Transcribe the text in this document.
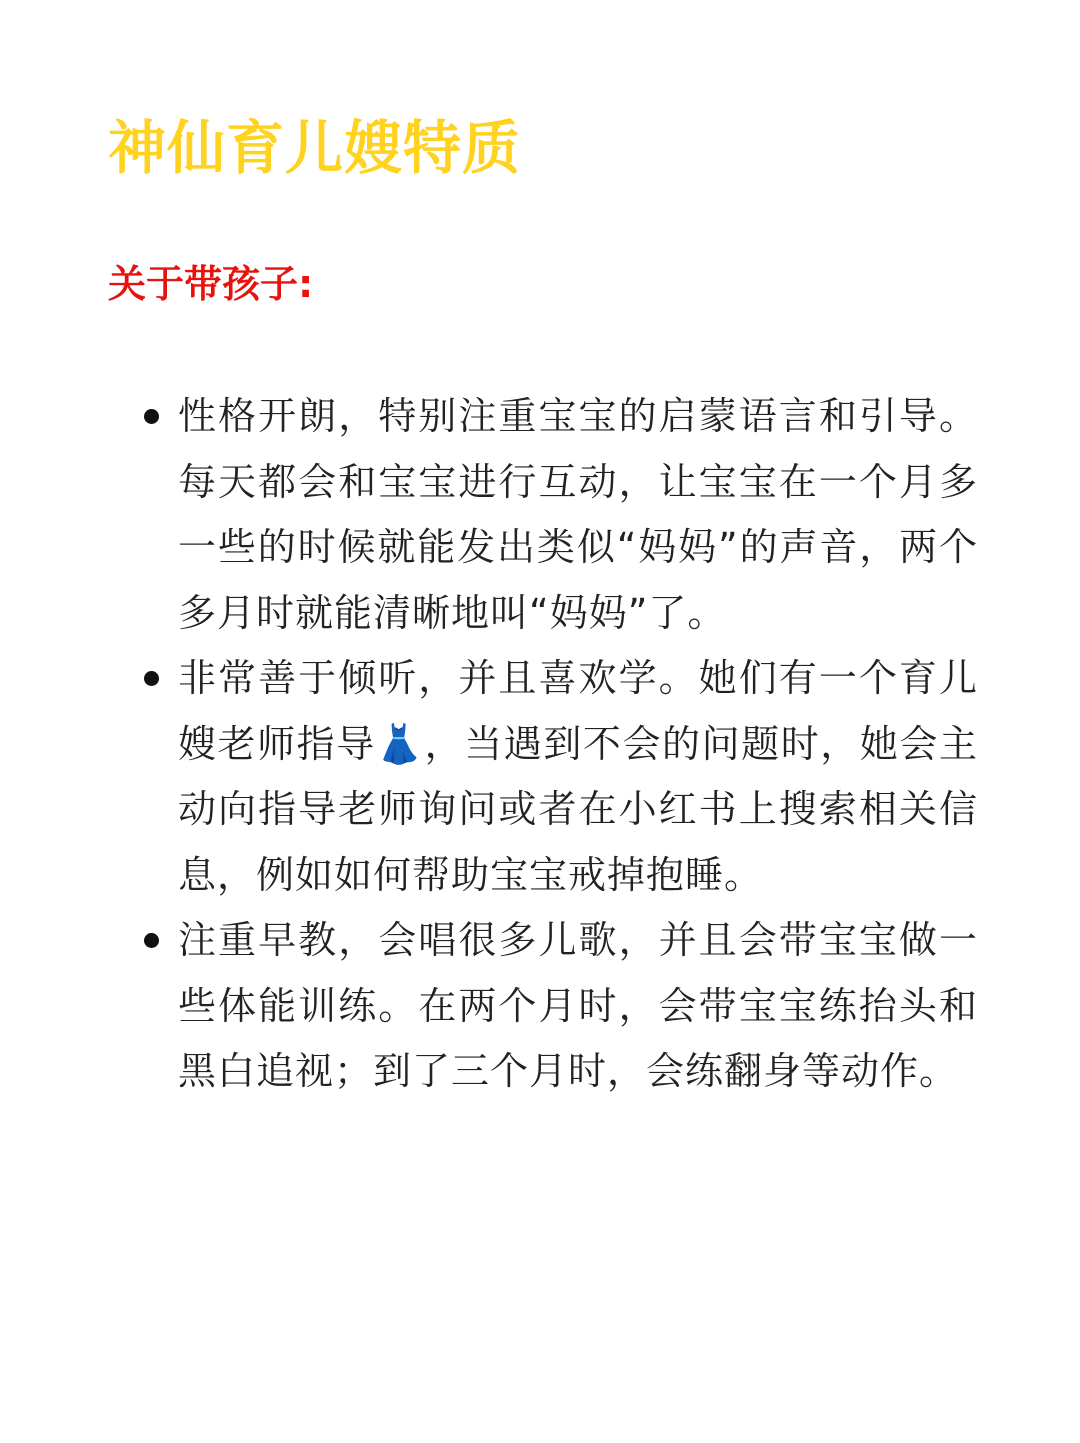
神仙育儿嫂特质
关于带孩子:
性格开朗，特别注重宝宝的启蒙语言和引导。每天都会和宝宝进行互动，让宝宝在一个月多一些的时候就能发出类似“妈妈”的声音，两个多月时就能清晰地叫“妈妈”了。
非常善于倾听，并且喜欢学。她们有一个育儿嫂老师指导👗，当遇到不会的问题时，她会主动向指导老师询问或者在小红书上搜索相关信息，例如如何帮助宝宝戒掉抱睡。
注重早教，会唱很多儿歌，并且会带宝宝做一些体能训练。在两个月时，会带宝宝练抬头和黑白追视；到了三个月时，会练翻身等动作。
